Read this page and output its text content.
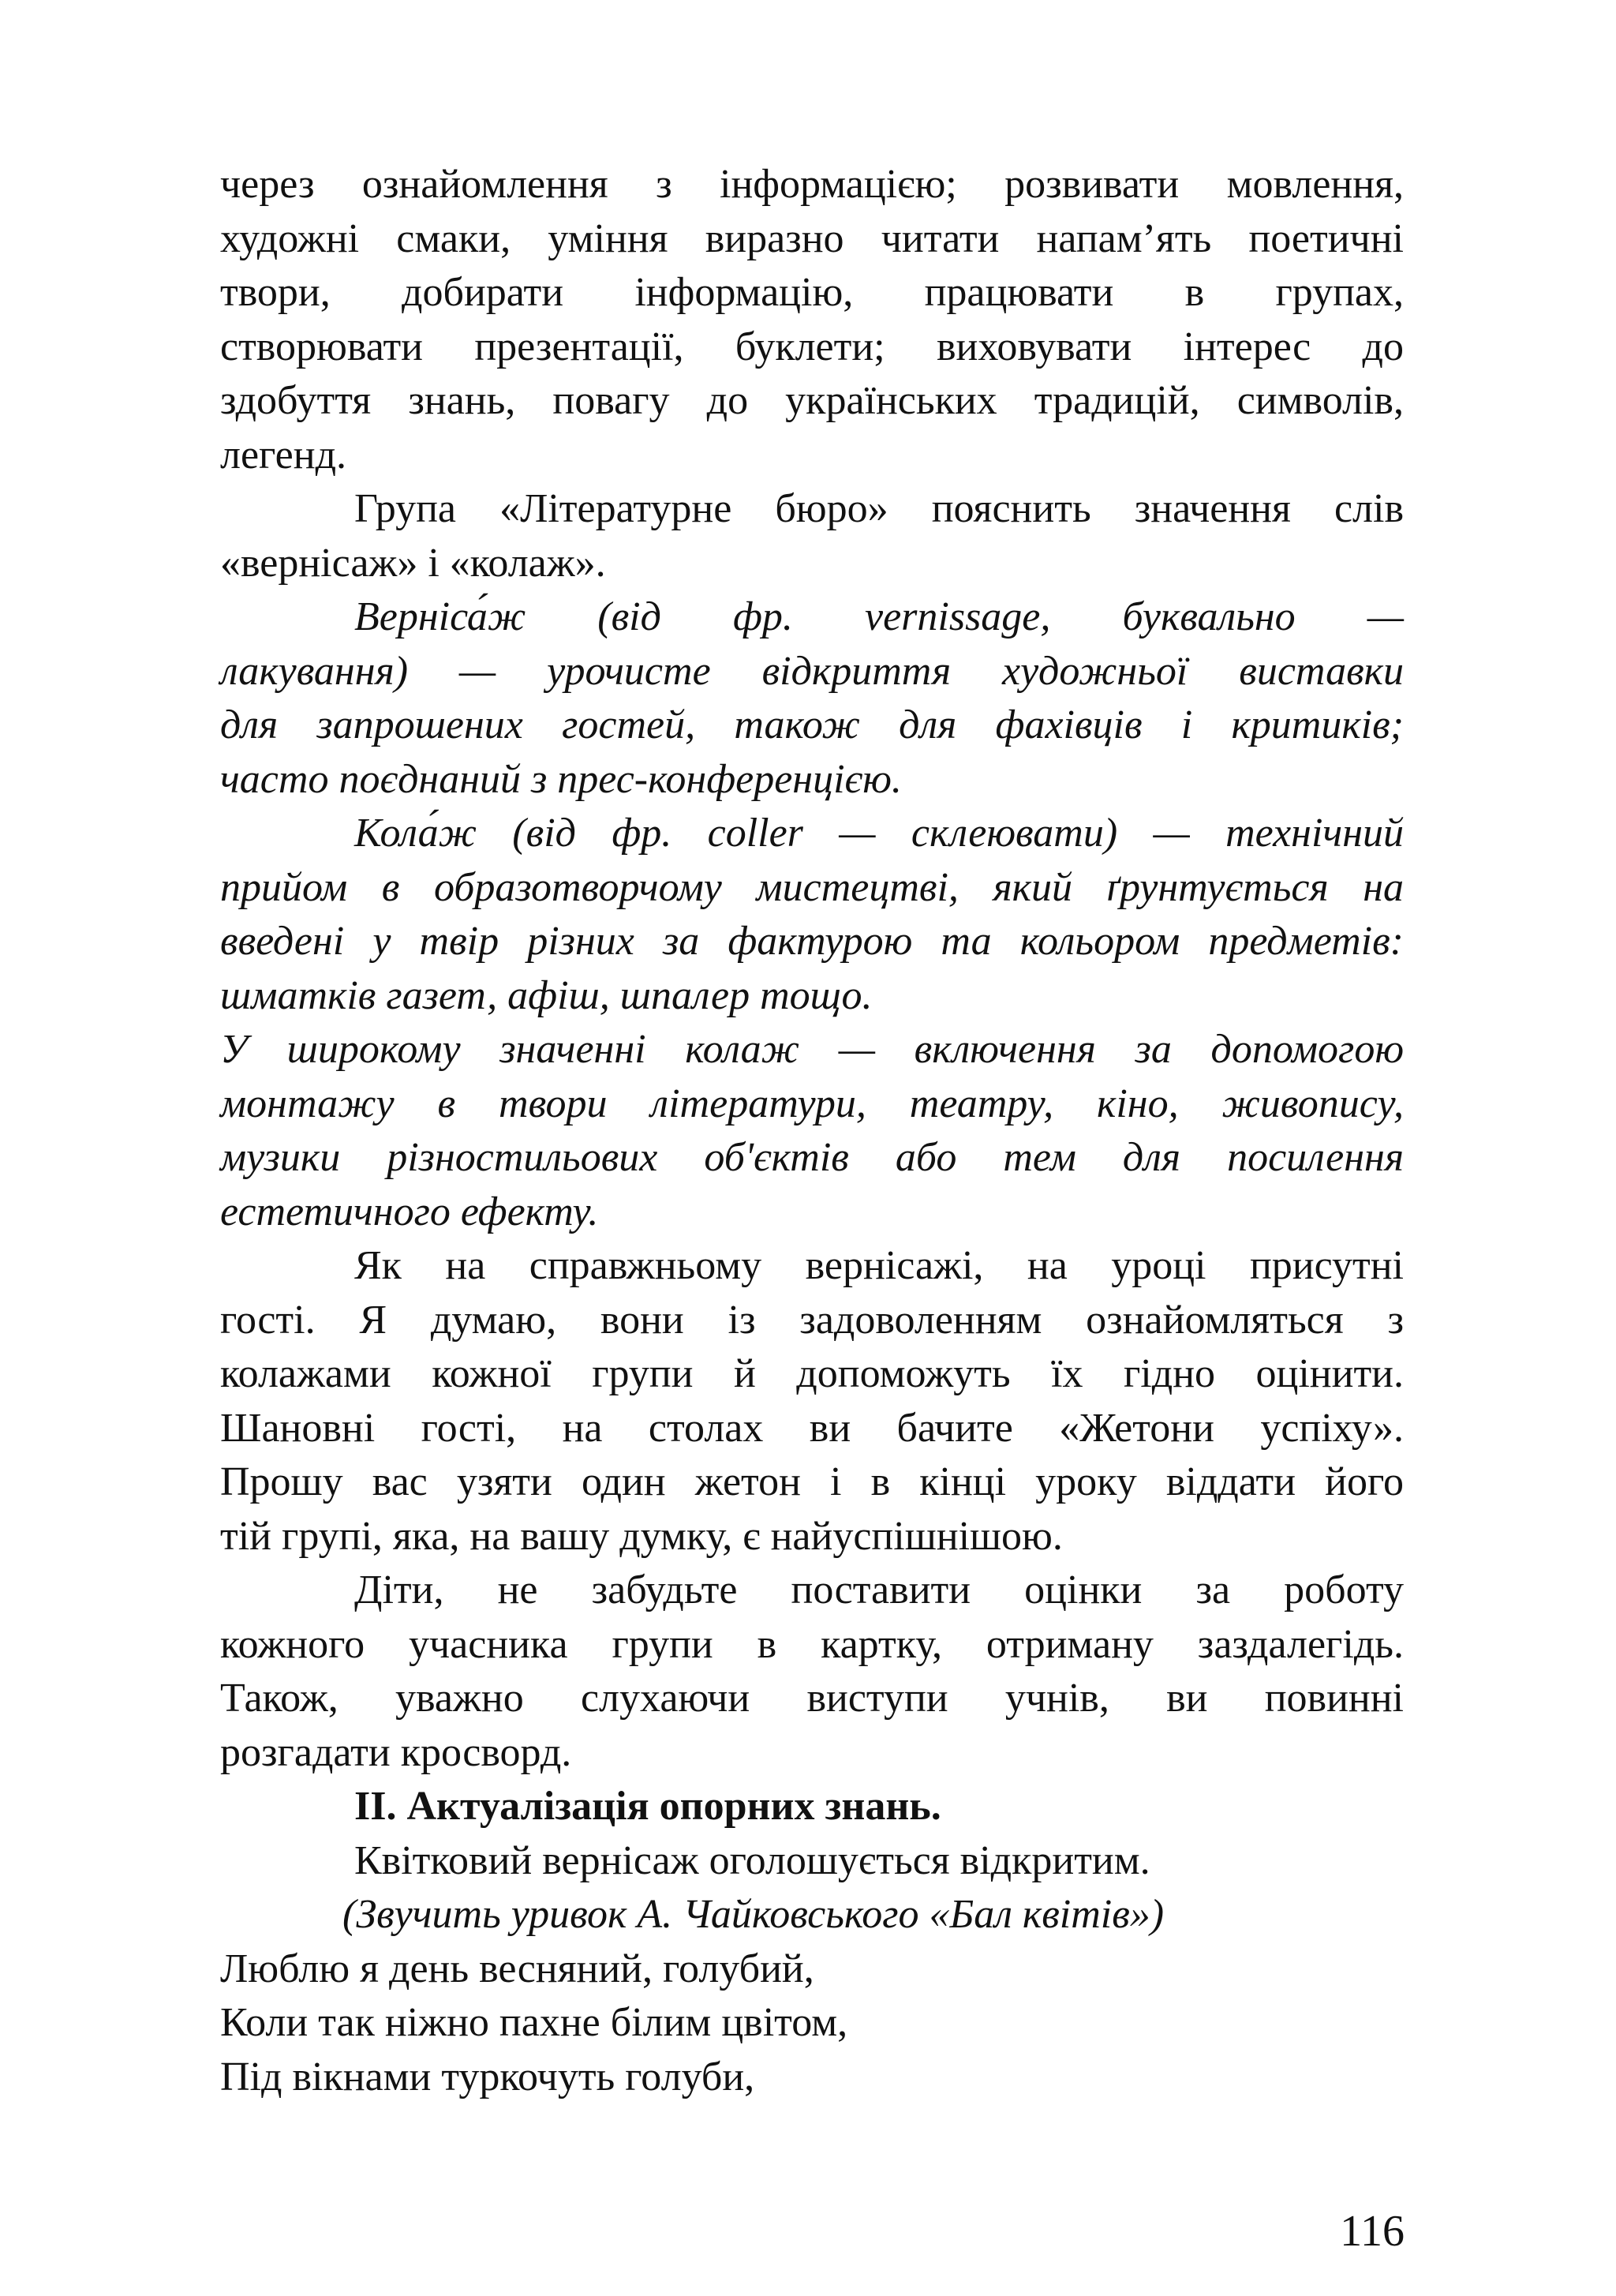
через ознайомлення з інформацією; розвивати мовлення,
художні смаки, уміння виразно читати напам’ять поетичні
твори, добирати інформацію, працювати в групах,
створювати презентації, буклети; виховувати інтерес до
здобуття знань, повагу до українських традицій, символів,
легенд.
Група «Літературне бюро» пояснить значення слів
«вернісаж» і «колаж».
Верніса́ж (від фр. vernissage, буквально —
лакування) — урочисте відкриття художньої виставки
для запрошених гостей, також для фахівців і критиків;
часто поєднаний з прес-конференцією.
Кола́ж (від фр. coller — склеювати) — технічний
прийом в образотворчому мистецтві, який ґрунтується на
введені у твір різних за фактурою та кольором предметів:
шматків газет, афіш, шпалер тощо.
У широкому значенні колаж — включення за допомогою
монтажу в твори літератури, театру, кіно, живопису,
музики різностильових об'єктів або тем для посилення
естетичного ефекту.
Як на справжньому вернісажі, на уроці присутні
гості. Я думаю, вони із задоволенням ознайомляться з
колажами кожної групи й допоможуть їх гідно оцінити.
Шановні гості, на столах ви бачите «Жетони успіху».
Прошу вас узяти один жетон і в кінці уроку віддати його
тій групі, яка, на вашу думку, є найуспішнішою.
Діти, не забудьте поставити оцінки за роботу
кожного учасника групи в картку, отриману заздалегідь.
Також, уважно слухаючи виступи учнів, ви повинні
розгадати кросворд.
ІІ. Актуалізація опорних знань.
Квітковий вернісаж оголошується відкритим.
(Звучить уривок А. Чайковського «Бал квітів»)
Люблю я день весняний, голубий,
Коли так ніжно пахне білим цвітом,
Під вікнами туркочуть голуби,
116
